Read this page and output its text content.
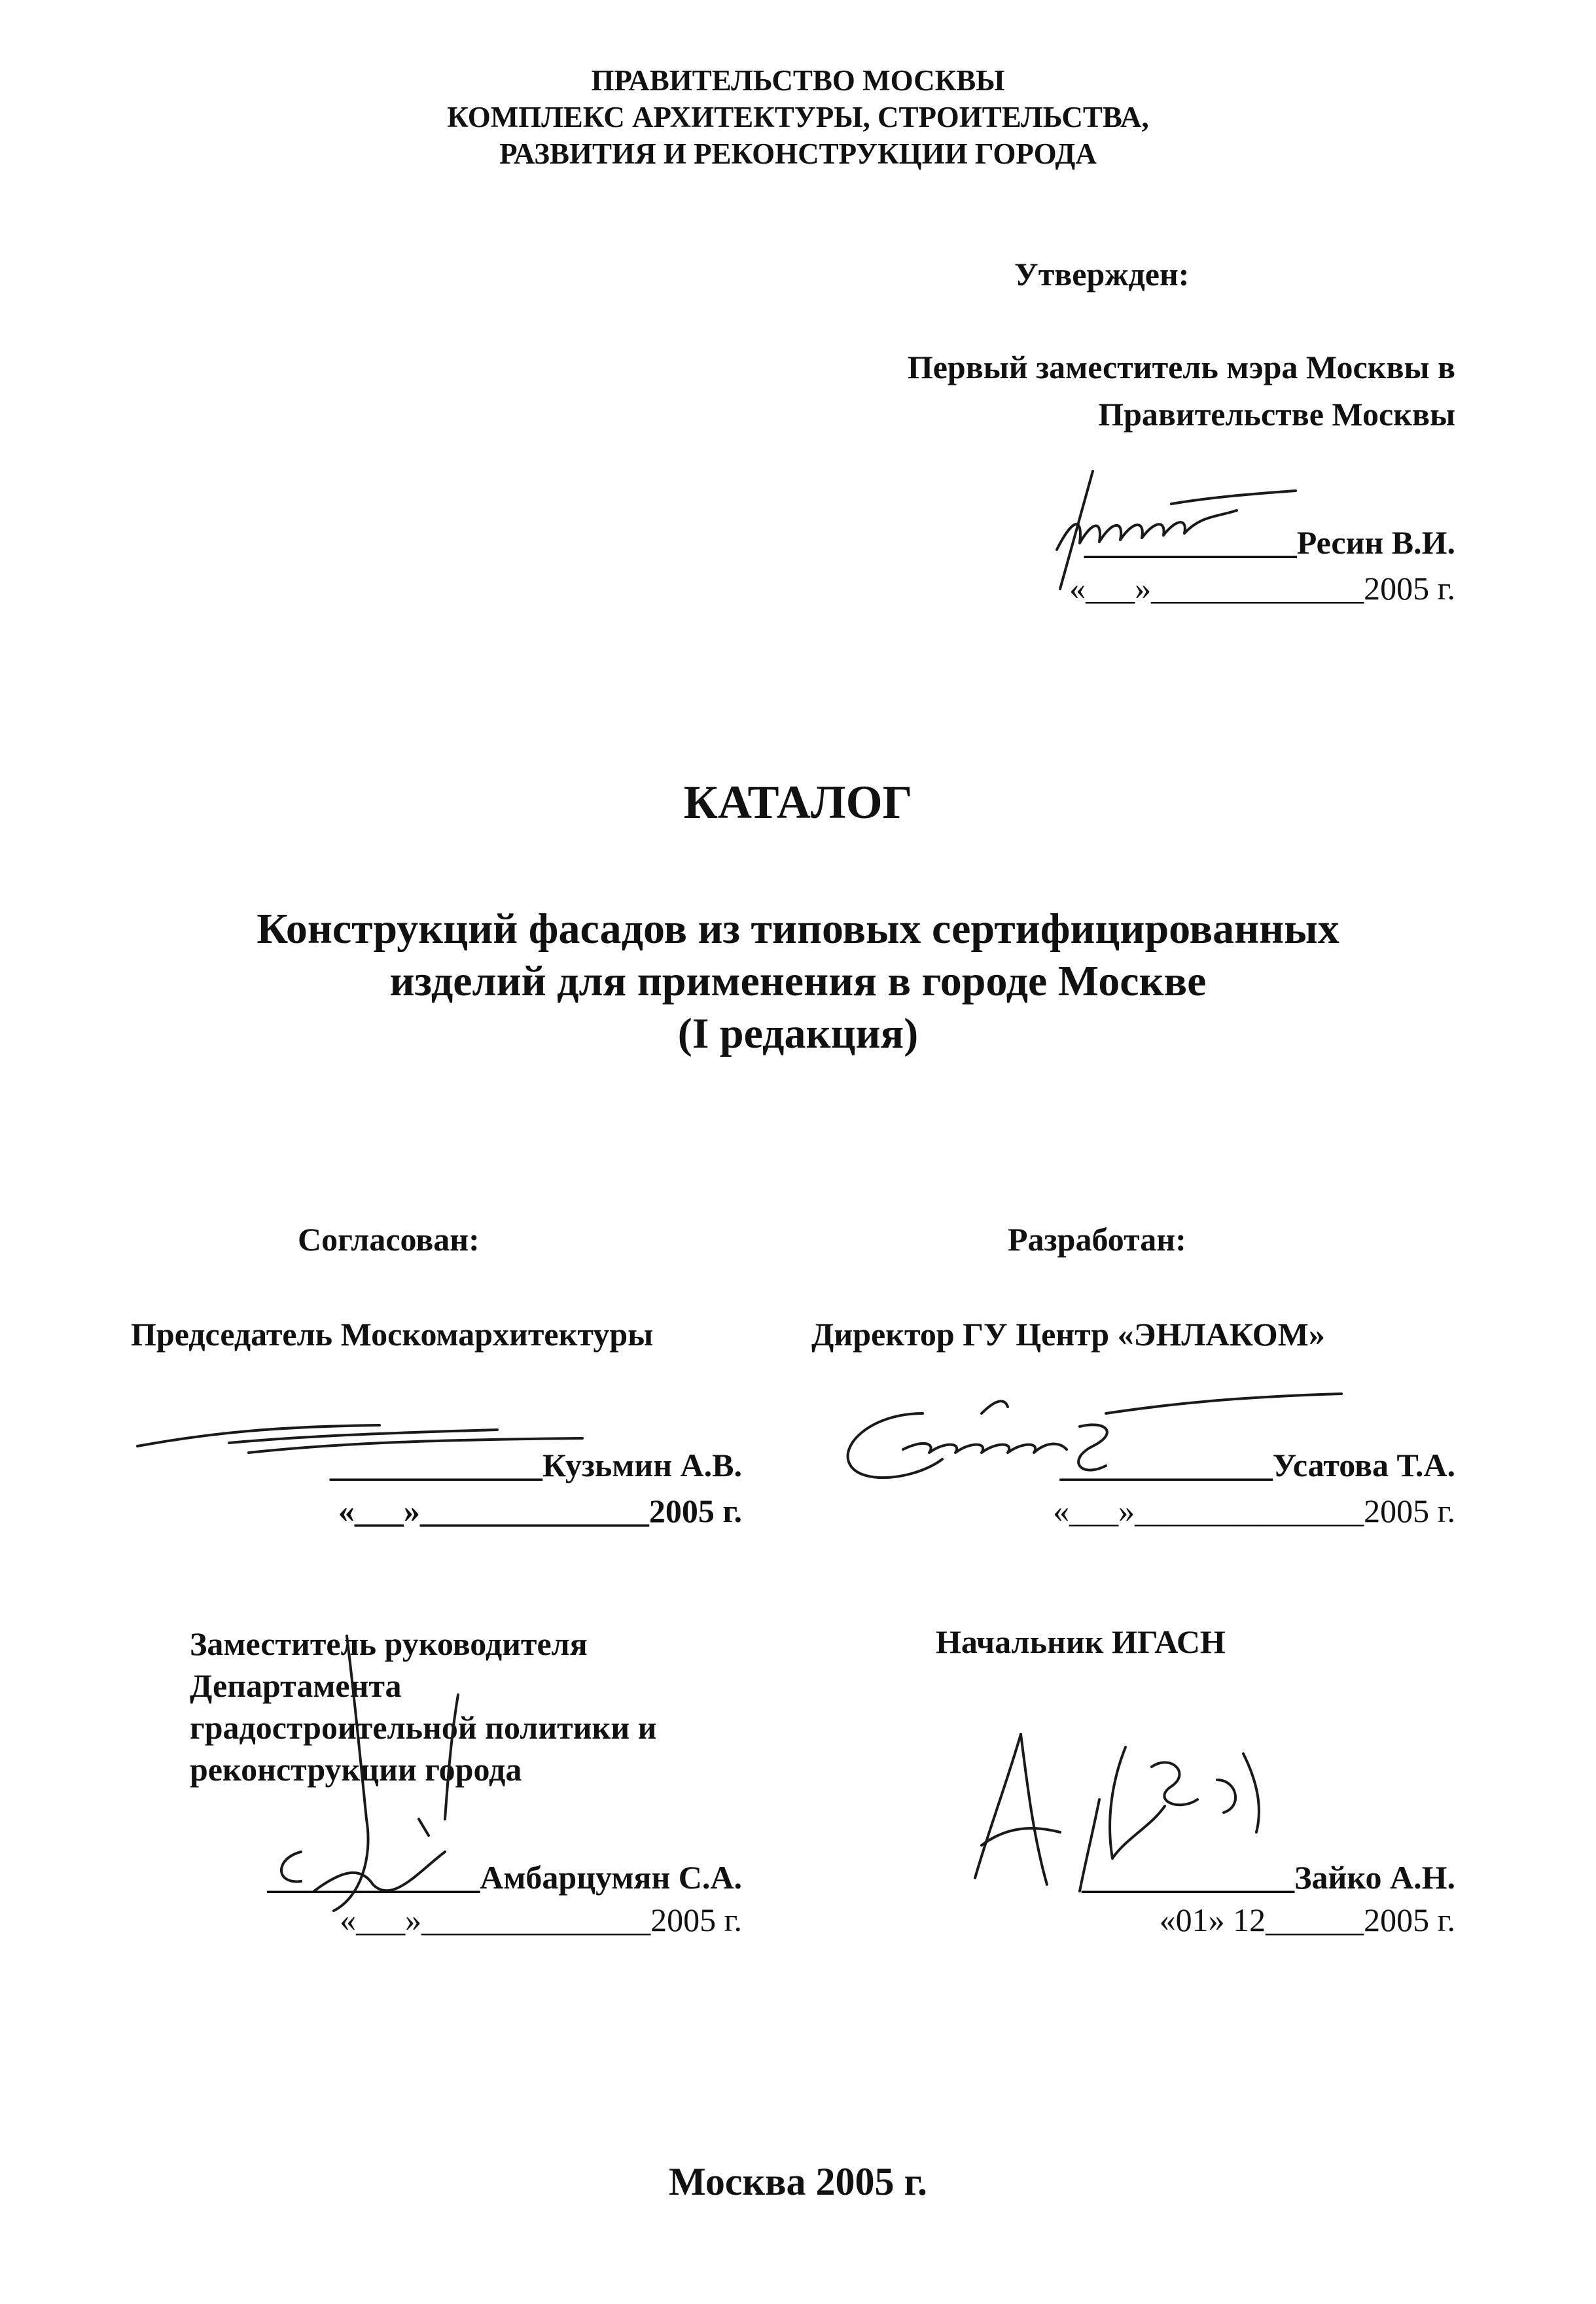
ПРАВИТЕЛЬСТВО МОСКВЫ
КОМПЛЕКС АРХИТЕКТУРЫ, СТРОИТЕЛЬСТВА,
РАЗВИТИЯ И РЕКОНСТРУКЦИИ ГОРОДА
Утвержден:
Первый заместитель мэра Москвы в
Правительстве Москвы
_____________Ресин В.И.
«___»_____________2005 г.
КАТАЛОГ
Конструкций фасадов из типовых сертифицированных
изделий для применения в городе Москве
(I редакция)
Согласован:	Разработан:
Председатель Москомархитектуры	Директор ГУ Центр «ЭНЛАКОМ»
_____________Кузьмин А.В.
«___»______________2005 г.
_____________Усатова Т.А.
«___»______________2005 г.
Заместитель руководителя
Департамента
градостроительной политики и
реконструкции города
_____________Амбарцумян С.А.
«___»______________2005 г.
Начальник ИГАСН
_____________Зайко А.Н.
«01» 12______2005 г.
Москва 2005 г.
